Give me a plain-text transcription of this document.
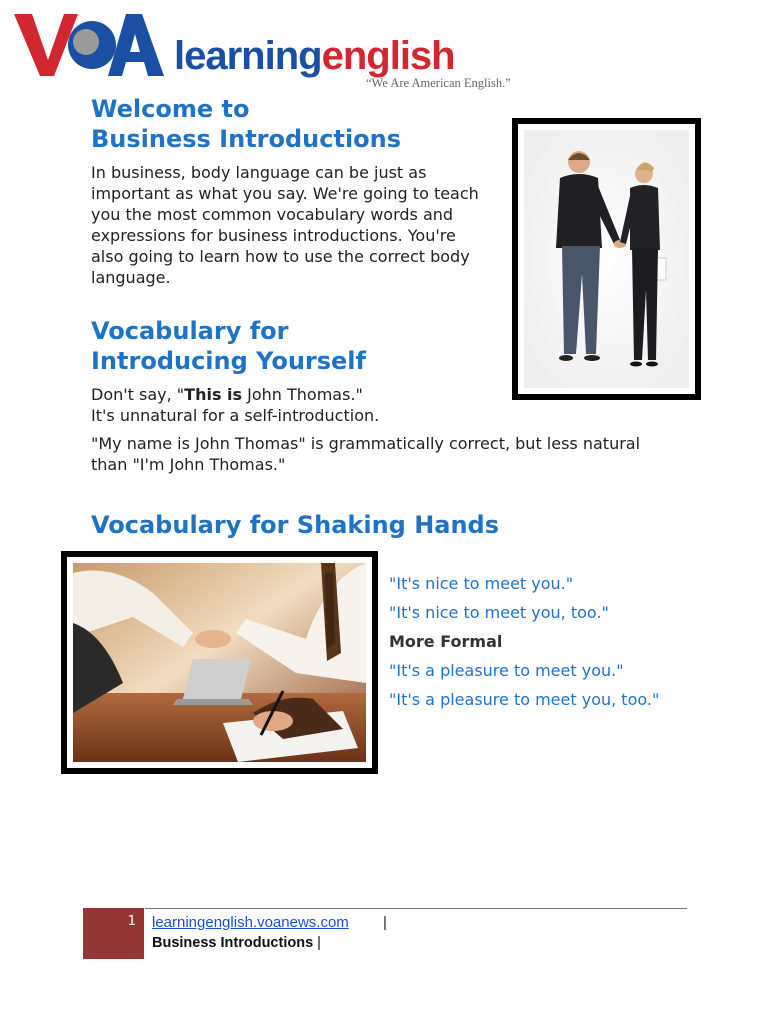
learningenglish
“We Are American English.”
Welcome to
Business Introductions
In business, body language can be just as
important as what you say. We're going to teach
you the most common vocabulary words and
expressions for business introductions. You're
also going to learn how to use the correct body
language.
Vocabulary for
Introducing Yourself
Don't say, "This is John Thomas."
It's unnatural for a self-introduction.
"My name is John Thomas" is grammatically correct, but less natural
than "I'm John Thomas."
Vocabulary for Shaking Hands
"It's nice to meet you."
"It's nice to meet you, too."
More Formal
"It's a pleasure to meet you."
"It's a pleasure to meet you, too."
1 learningenglish.voanews.com |
Business Introductions |
